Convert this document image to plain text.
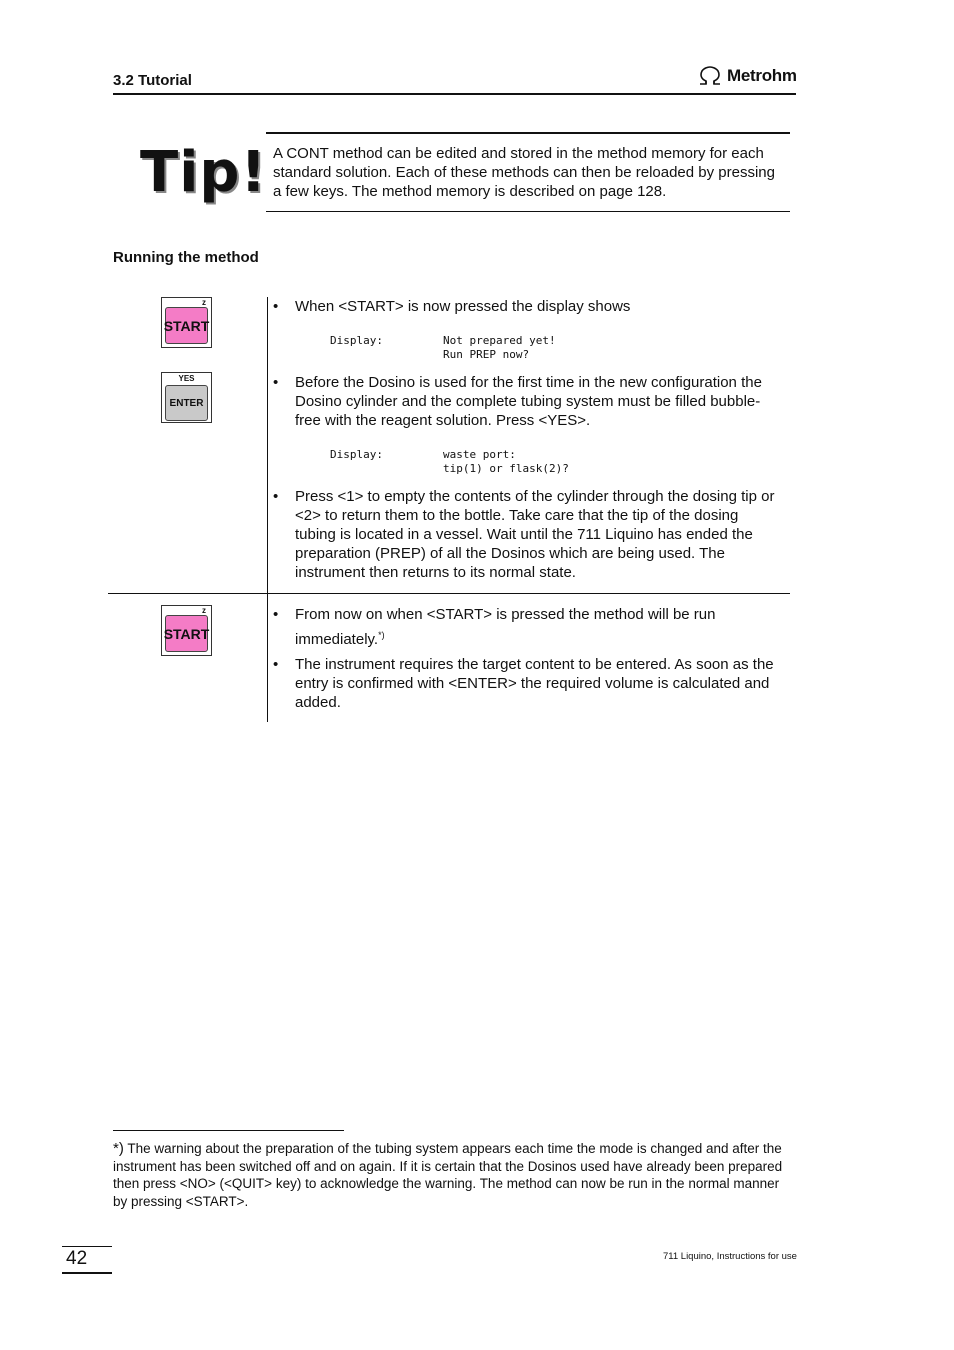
3.2 Tutorial	Metrohm
Tip! A CONT method can be edited and stored in the method memory for each standard solution. Each of these methods can then be reloaded by pressing a few keys. The method memory is described on page 128.
Running the method
z
START
YES
ENTER
z
START
• When <START> is now pressed the display shows
Display:	Not prepared yet!
Run PREP now?
• Before the Dosino is used for the first time in the new configuration the Dosino cylinder and the complete tubing system must be filled bubble-free with the reagent solution. Press <YES>.
Display:	waste port:
tip(1) or flask(2)?
• Press <1> to empty the contents of the cylinder through the dosing tip or <2> to return them to the bottle. Take care that the tip of the dosing tubing is located in a vessel. Wait until the 711 Liquino has ended the preparation (PREP) of all the Dosinos which are being used. The instrument then returns to its normal state.
• From now on when <START> is pressed the method will be run immediately.*)
• The instrument requires the target content to be entered. As soon as the entry is confirmed with <ENTER> the required volume is calculated and added.
*) The warning about the preparation of the tubing system appears each time the mode is changed and after the instrument has been switched off and on again. If it is certain that the Dosinos used have already been prepared then press <NO> (<QUIT> key) to acknowledge the warning. The method can now be run in the normal manner by pressing <START>.
42	711 Liquino, Instructions for use
